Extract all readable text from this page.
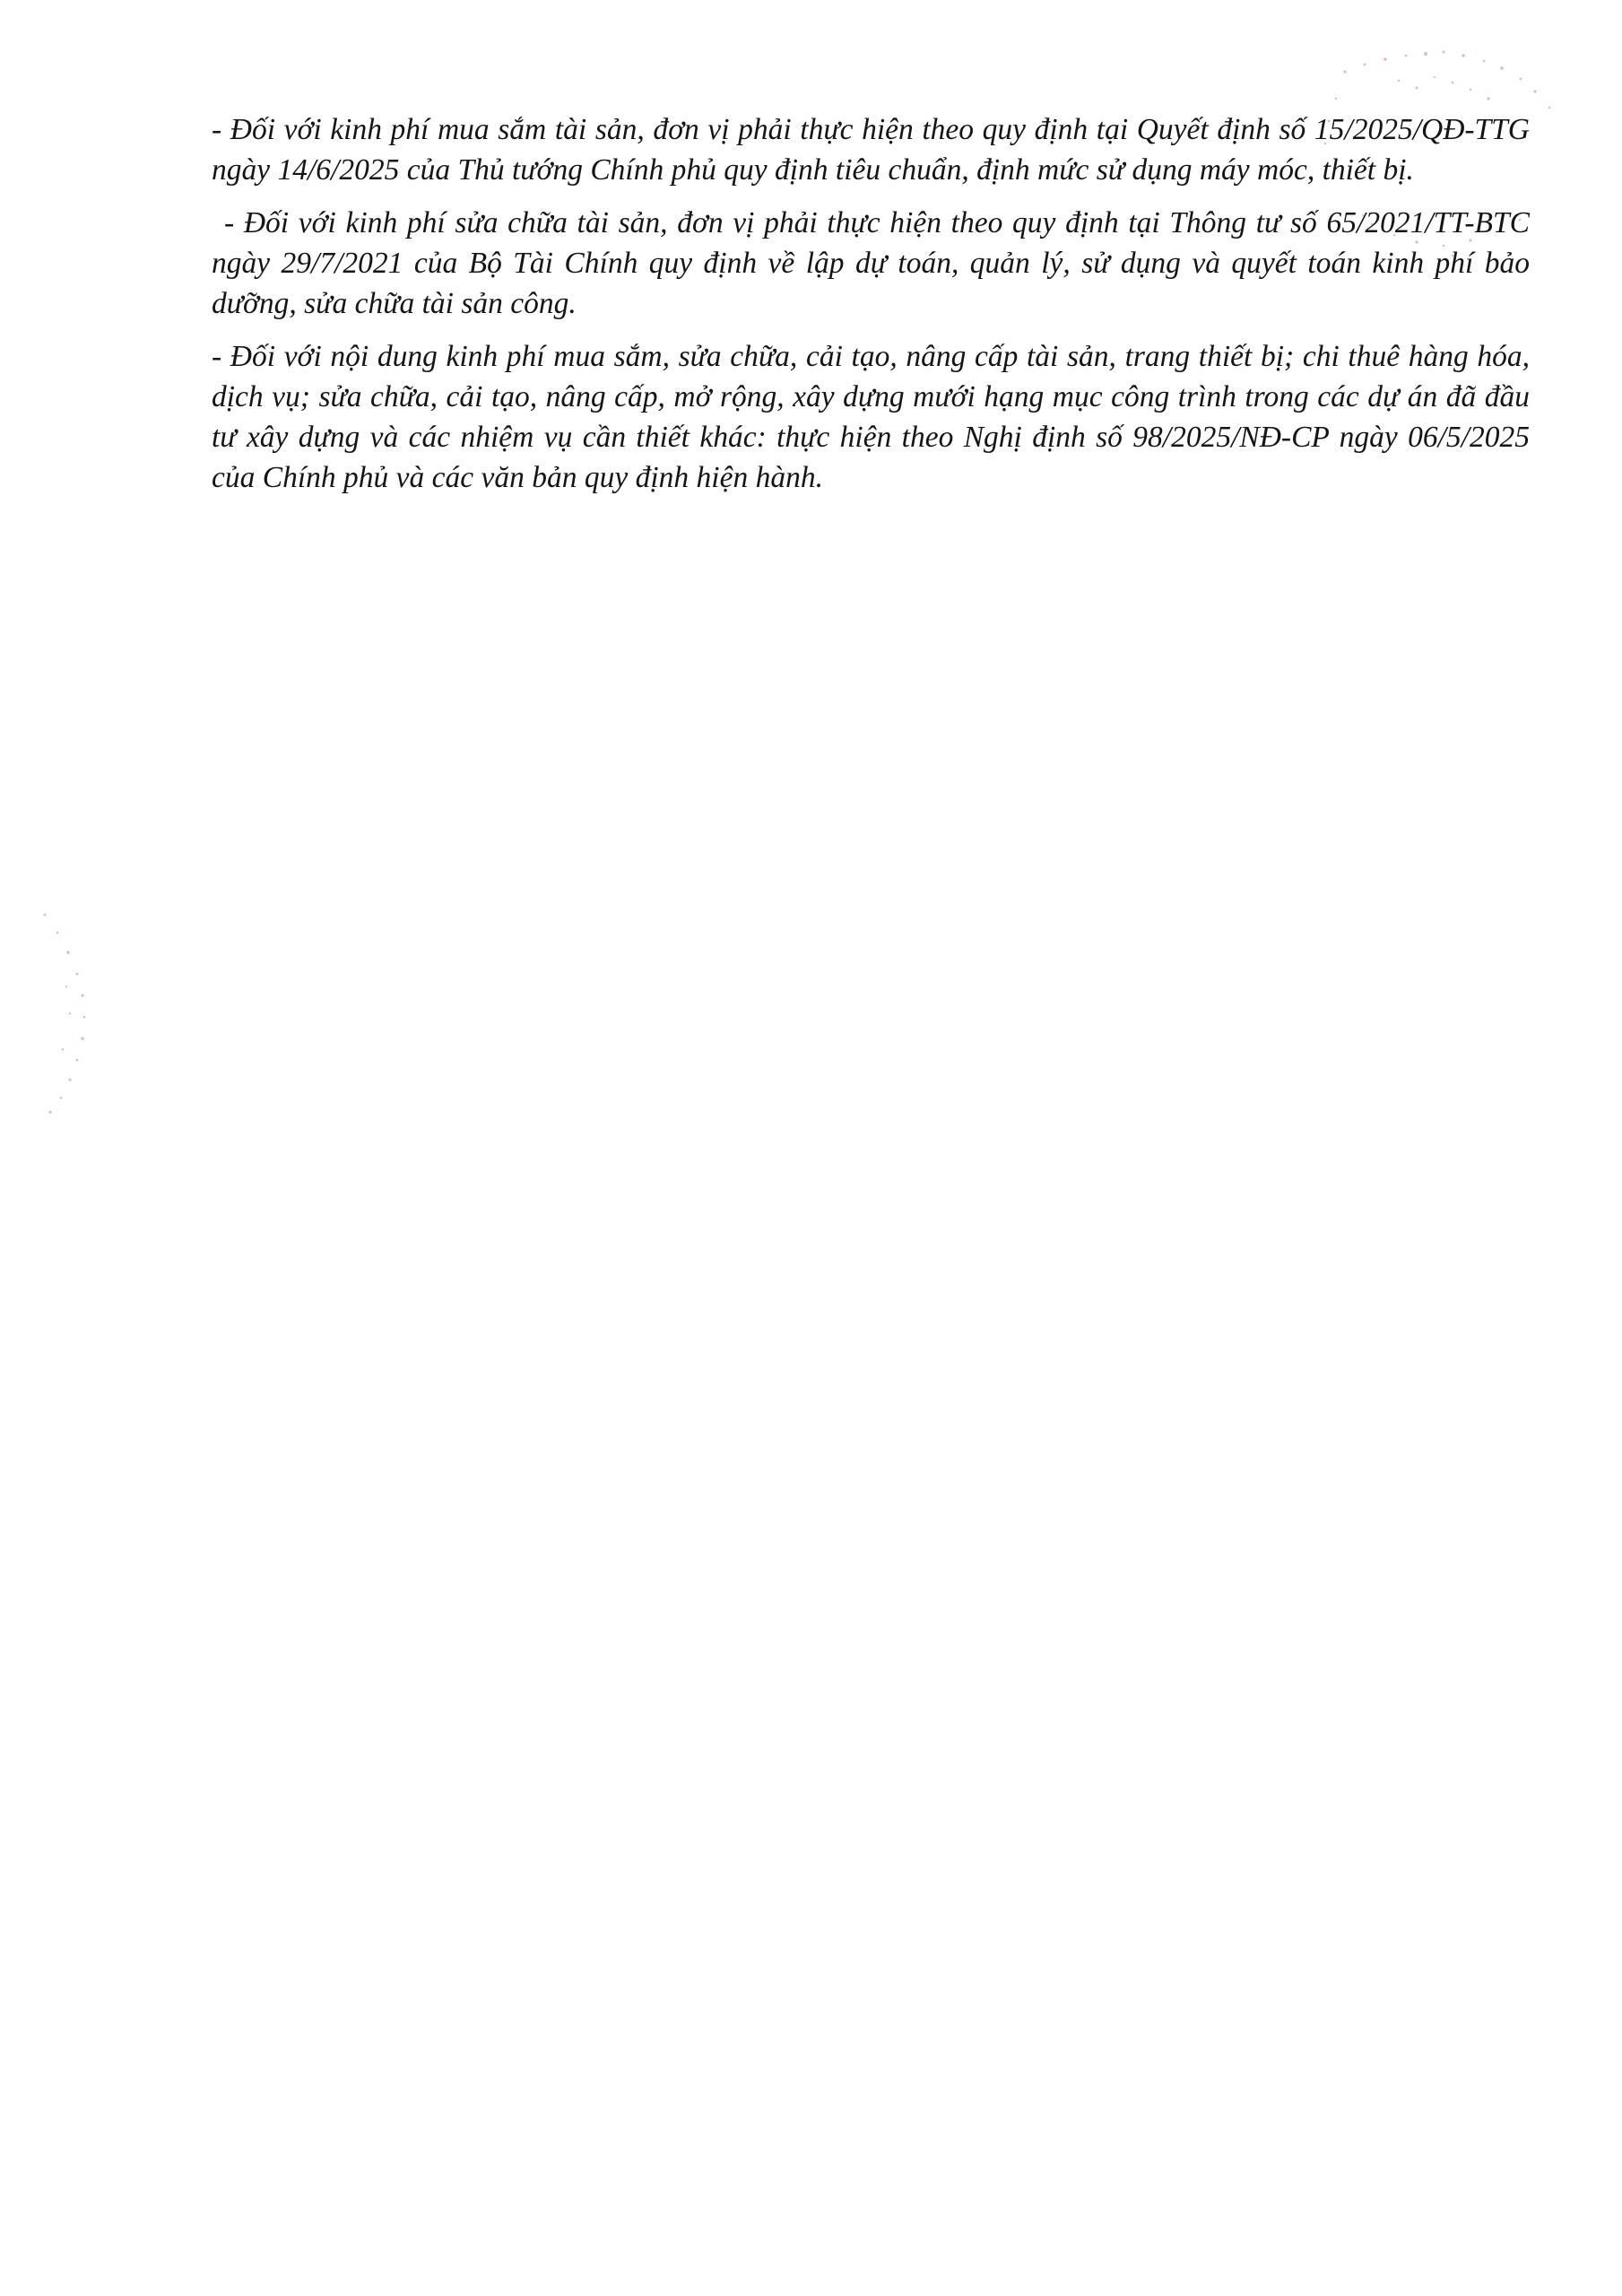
- Đối với kinh phí mua sắm tài sản, đơn vị phải thực hiện theo quy định tại Quyết định số 15/2025/QĐ-TTG ngày 14/6/2025 của Thủ tướng Chính phủ quy định tiêu chuẩn, định mức sử dụng máy móc, thiết bị.

- Đối với kinh phí sửa chữa tài sản, đơn vị phải thực hiện theo quy định tại Thông tư số 65/2021/TT-BTC ngày 29/7/2021 của Bộ Tài Chính quy định về lập dự toán, quản lý, sử dụng và quyết toán kinh phí bảo dưỡng, sửa chữa tài sản công.

- Đối với nội dung kinh phí mua sắm, sửa chữa, cải tạo, nâng cấp tài sản, trang thiết bị; chi thuê hàng hóa, dịch vụ; sửa chữa, cải tạo, nâng cấp, mở rộng, xây dựng mưới hạng mục công trình trong các dự án đã đầu tư xây dựng và các nhiệm vụ cần thiết khác: thực hiện theo Nghị định số 98/2025/NĐ-CP ngày 06/5/2025 của Chính phủ và các văn bản quy định hiện hành.
